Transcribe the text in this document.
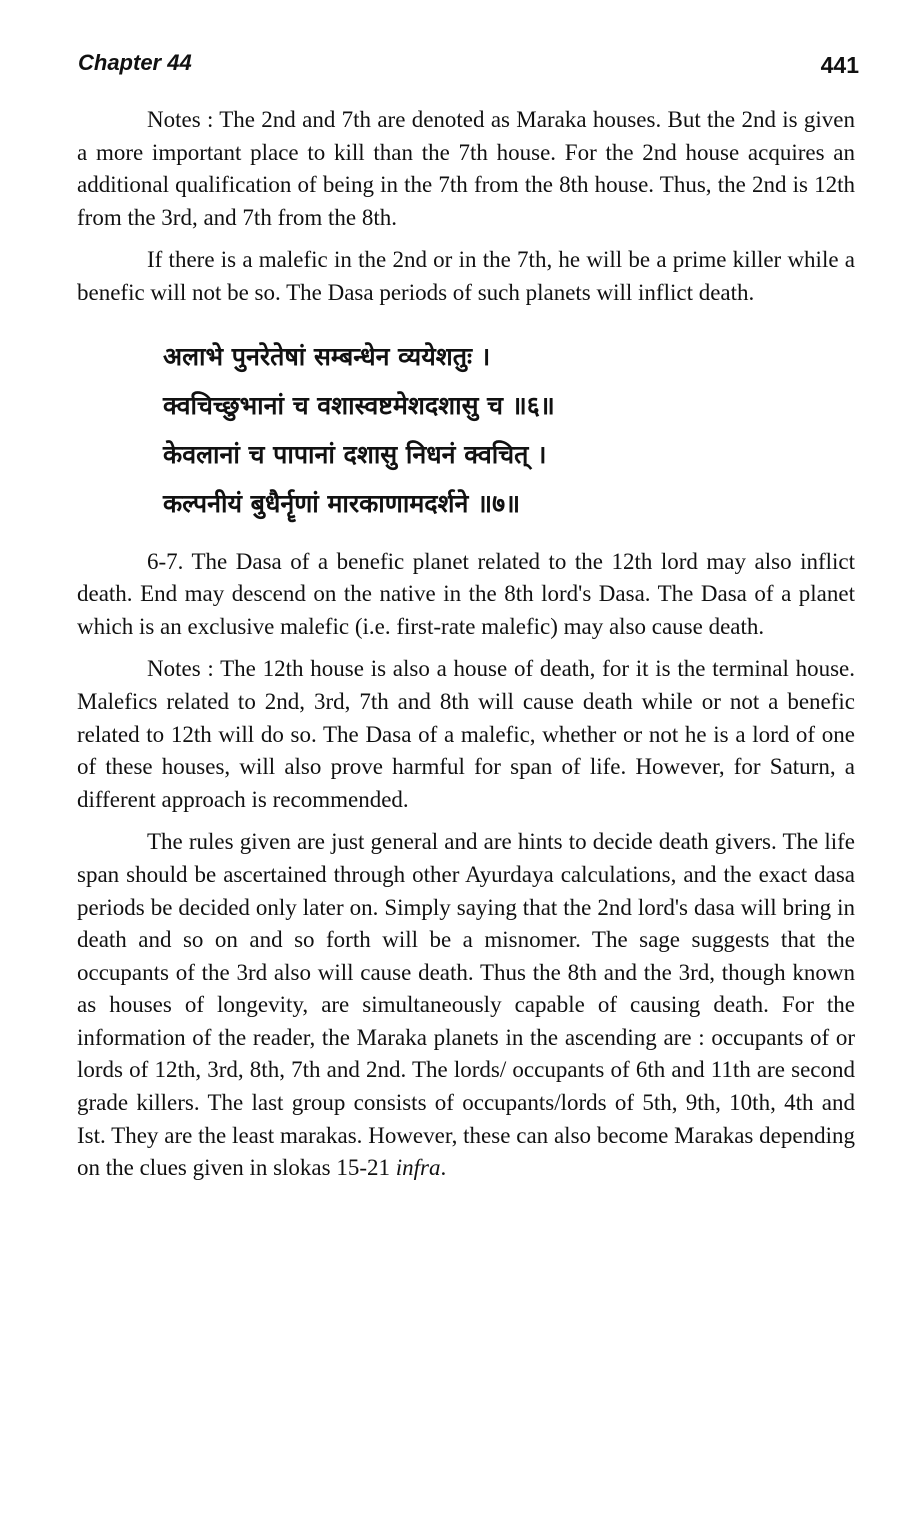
Chapter 44	441

Notes : The 2nd and 7th are denoted as Maraka houses. But the 2nd is given a more important place to kill than the 7th house. For the 2nd house acquires an additional qualification of being in the 7th from the 8th house. Thus, the 2nd is 12th from the 3rd, and 7th from the 8th.

If there is a malefic in the 2nd or in the 7th, he will be a prime killer while a benefic will not be so. The Dasa periods of such planets will inflict death.

अलाभे पुनरेतेषां सम्बन्धेन व्ययेशतुः ।
क्वचिच्छुभानां च वशास्वष्टमेशदशासु च ॥६॥
केवलानां च पापानां दशासु निधनं क्वचित् ।
कल्पनीयं बुधैर्नॄणां मारकाणामदर्शने ॥७॥

6-7. The Dasa of a benefic planet related to the 12th lord may also inflict death. End may descend on the native in the 8th lord's Dasa. The Dasa of a planet which is an exclusive malefic (i.e. first-rate malefic) may also cause death.

Notes : The 12th house is also a house of death, for it is the terminal house. Malefics related to 2nd, 3rd, 7th and 8th will cause death while or not a benefic related to 12th will do so. The Dasa of a malefic, whether or not he is a lord of one of these houses, will also prove harmful for span of life. However, for Saturn, a different approach is recommended.

The rules given are just general and are hints to decide death givers. The life span should be ascertained through other Ayurdaya calculations, and the exact dasa periods be decided only later on. Simply saying that the 2nd lord's dasa will bring in death and so on and so forth will be a misnomer. The sage suggests that the occupants of the 3rd also will cause death. Thus the 8th and the 3rd, though known as houses of longevity, are simultaneously capable of causing death. For the information of the reader, the Maraka planets in the ascending are : occupants of or lords of 12th, 3rd, 8th, 7th and 2nd. The lords/ occupants of 6th and 11th are second grade killers. The last group consists of occupants/lords of 5th, 9th, 10th, 4th and Ist. They are the least marakas. However, these can also become Marakas depending on the clues given in slokas 15-21 infra.
